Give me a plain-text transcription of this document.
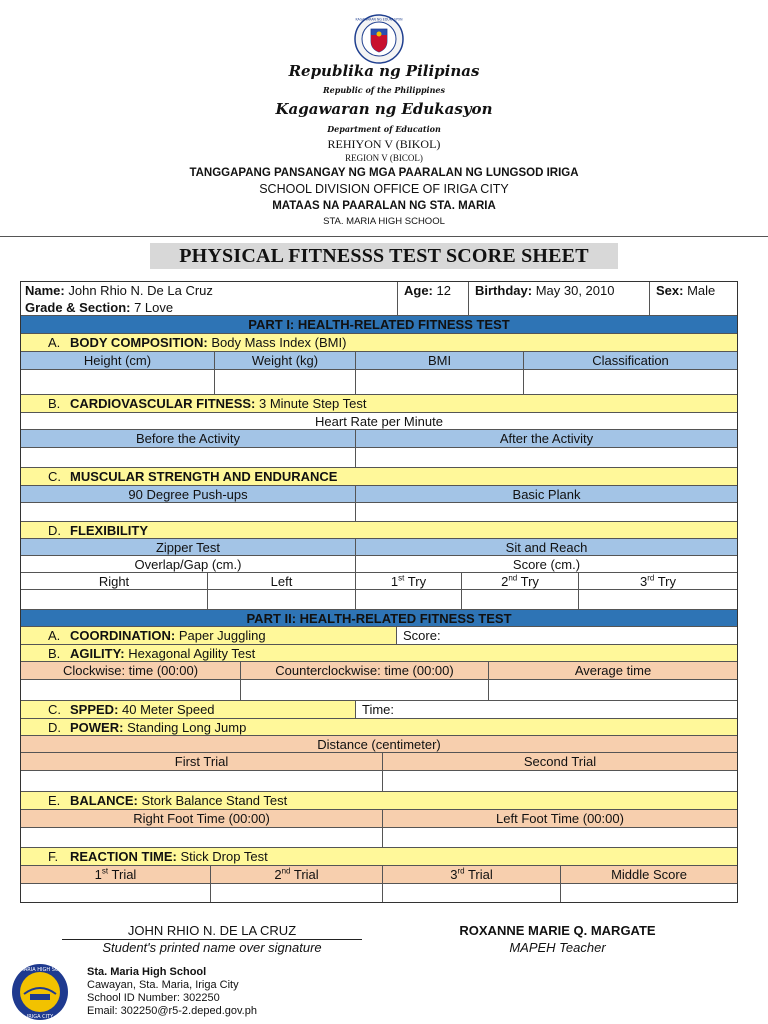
KAGAWARAN NG EDUKASYON
Republika ng Pilipinas
Republic of the Philippines
Kagawaran ng Edukasyon
Department of Education
REHIYON V (BIKOL)
REGION V (BICOL)
TANGGAPANG PANSANGAY NG MGA PAARALAN NG LUNGSOD IRIGA
SCHOOL DIVISION OFFICE OF IRIGA CITY
MATAAS NA PAARALAN NG STA. MARIA
STA. MARIA HIGH SCHOOL
PHYSICAL FITNESSS TEST SCORE SHEET
Name: John Rhio N. De La Cruz
Grade & Section: 7 Love
Age: 12	Birthday: May 30, 2010	Sex: Male
PART I: HEALTH-RELATED FITNESS TEST
A. BODY COMPOSITION: Body Mass Index (BMI)
Height (cm)	Weight (kg)	BMI	Classification
B. CARDIOVASCULAR FITNESS: 3 Minute Step Test
Heart Rate per Minute
Before the Activity	After the Activity
C. MUSCULAR STRENGTH AND ENDURANCE
90 Degree Push-ups	Basic Plank
D. FLEXIBILITY
Zipper Test	Sit and Reach
Overlap/Gap (cm.)	Score (cm.)
Right	Left	1st Try	2nd Try	3rd Try
PART II: HEALTH-RELATED FITNESS TEST
A. COORDINATION: Paper Juggling	Score:
B. AGILITY: Hexagonal Agility Test
Clockwise: time (00:00)	Counterclockwise: time (00:00)	Average time
C. SPPED: 40 Meter Speed	Time:
D. POWER: Standing Long Jump
Distance (centimeter)
First Trial	Second Trial
E. BALANCE: Stork Balance Stand Test
Right Foot Time (00:00)	Left Foot Time (00:00)
F. REACTION TIME: Stick Drop Test
1st Trial	2nd Trial	3rd Trial	Middle Score
JOHN RHIO N. DE LA CRUZ
Student's printed name over signature
ROXANNE MARIE Q. MARGATE
MAPEH Teacher
STA. MARIA HIGH SCHOOL
IRIGA CITY
Sta. Maria High School
Cawayan, Sta. Maria, Iriga City
School ID Number: 302250
Email: 302250@r5-2.deped.gov.ph
